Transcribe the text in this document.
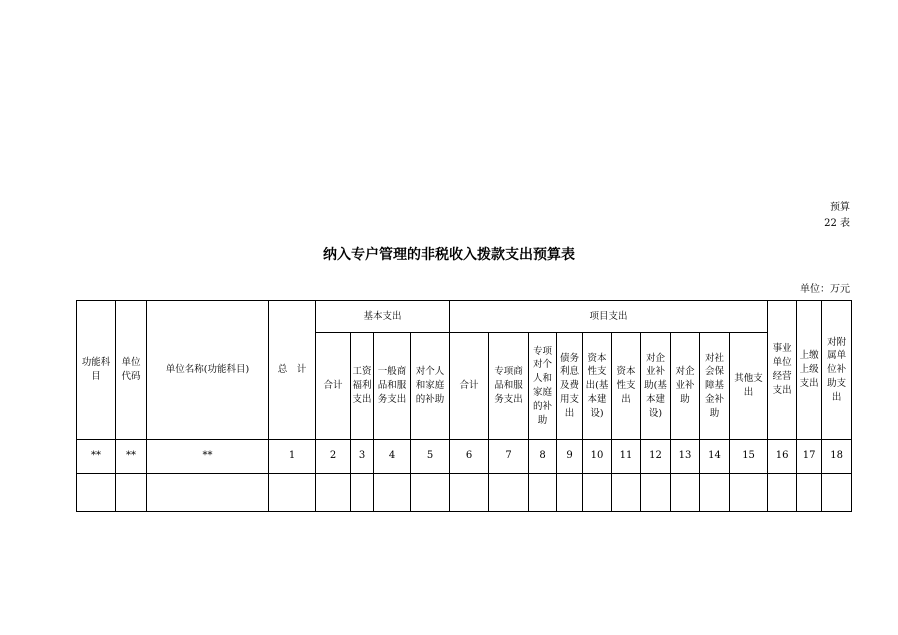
预算
22 表
纳入专户管理的非税收入拨款支出预算表
单位：万元
功能科目	单位代码	单位名称(功能科目)	总　计	基本支出				项目支出										事业单位经营支出	上缴上级支出	对附属单位补助支出
				合计	工资福利支出	一般商品和服务支出	对个人和家庭的补助	合计	专项商品和服务支出	专项对个人和家庭的补助	债务利息及费用支出	资本性支出(基本建设)	资本性支出	对企业补助(基本建设)	对企业补助	对社会保障基金补助	其他支出			
**	**	**	1	2	3	4	5	6	7	8	9	10	11	12	13	14	15	16	17	18
